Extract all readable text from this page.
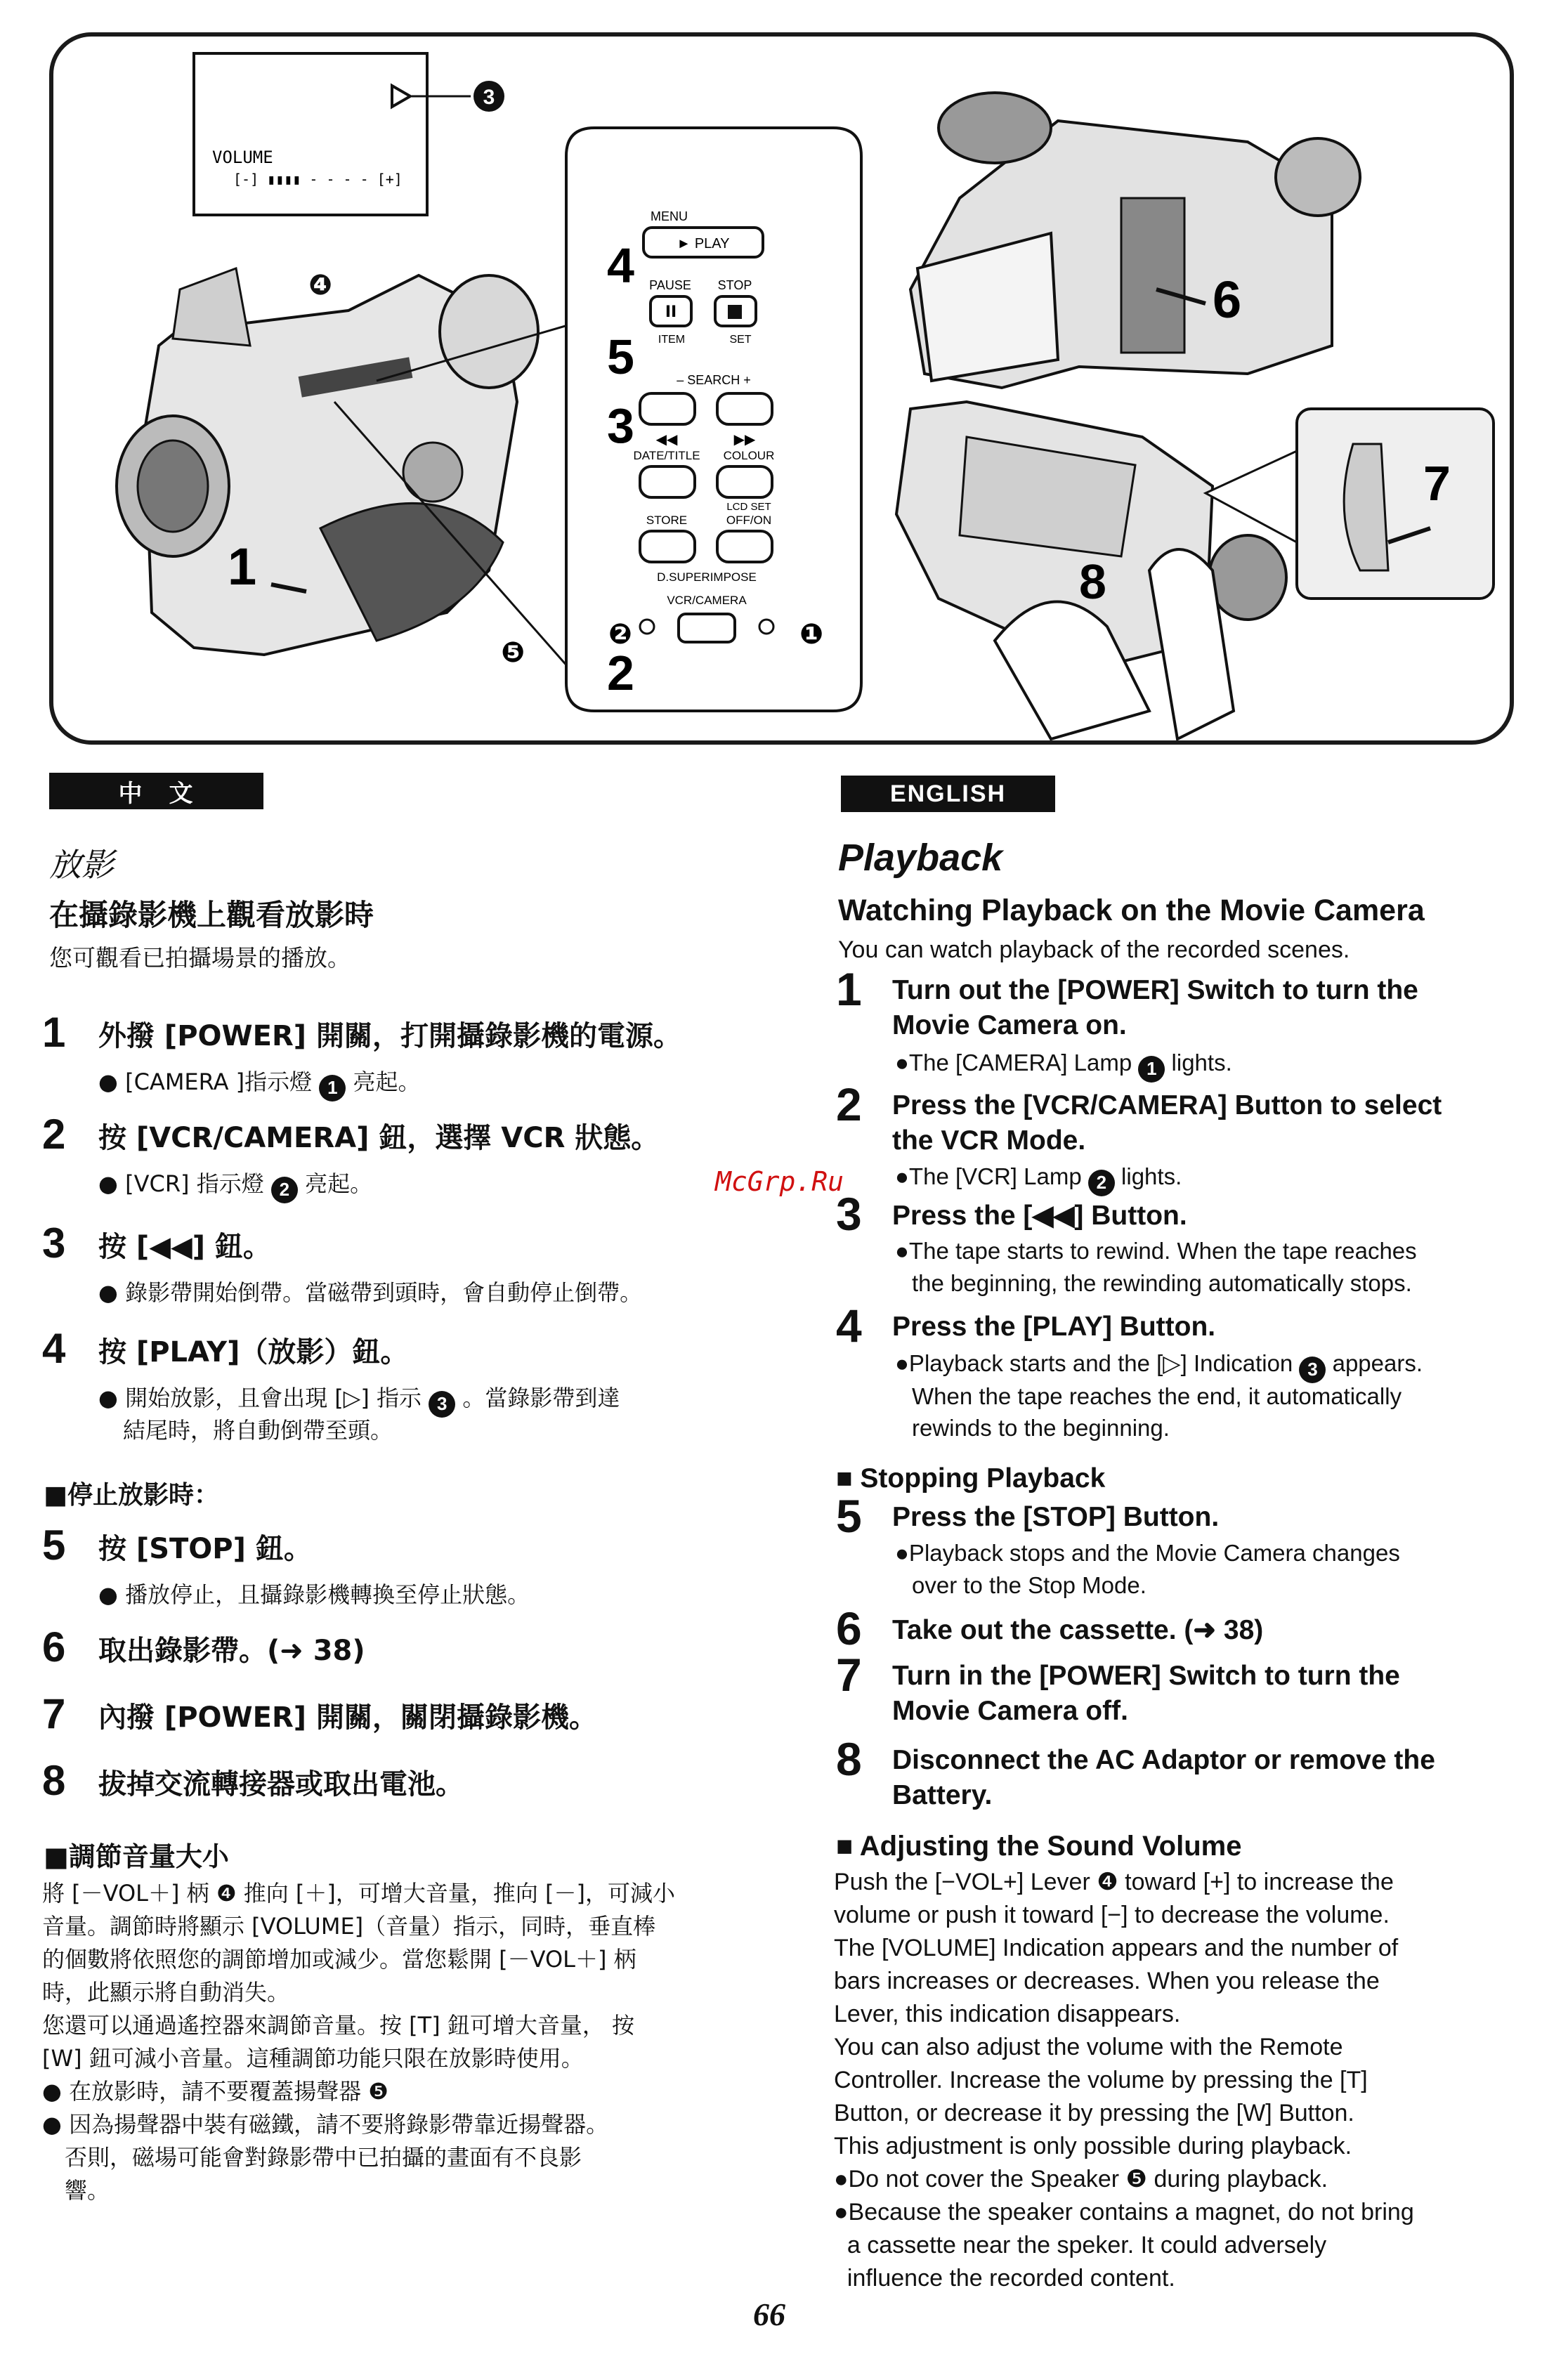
3
VOLUME
[-] ▮▮▮▮ - - - - [+]
❹
1
❺
MENU
► PLAY
PAUSE STOP
II
ITEM	SET
– SEARCH +
◀◀	▶▶
DATE/TITLE COLOUR
LCD SET
STORE	OFF/ON
D.SUPERIMPOSE
VCR/CAMERA
4
5
3
2
❷	❶
6
7
8
中　文
放影
在攝錄影機上觀看放影時
您可觀看已拍攝場景的播放。
1 外撥 [POWER] 開關，打開攝錄影機的電源。
● [CAMERA ]指示燈 1 亮起。
2 按 [VCR/CAMERA] 鈕，選擇 VCR 狀態。
● [VCR] 指示燈 2 亮起。
3 按 [◀◀] 鈕。
● 錄影帶開始倒帶。當磁帶到頭時，會自動停止倒帶。
4 按 [PLAY]（放影）鈕。
● 開始放影，且會出現 [▷] 指示 3 。當錄影帶到達
結尾時，將自動倒帶至頭。
■停止放影時：
5 按 [STOP] 鈕。
● 播放停止，且攝錄影機轉換至停止狀態。
6 取出錄影帶。(➜ 38)
7 內撥 [POWER] 開關，關閉攝錄影機。
8 拔掉交流轉接器或取出電池。
■調節音量大小

將 [－VOL＋] 柄 ❹ 推向 [＋]，可增大音量，推向 [－]，可減小

音量。調節時將顯示 [VOLUME]（音量）指示，同時，垂直棒

的個數將依照您的調節增加或減少。當您鬆開 [－VOL＋] 柄

時，此顯示將自動消失。

您還可以通過遙控器來調節音量。按 [T] 鈕可增大音量， 按

[W] 鈕可減小音量。這種調節功能只限在放影時使用。

● 在放影時，請不要覆蓋揚聲器 ❺

● 因為揚聲器中裝有磁鐵，請不要將錄影帶靠近揚聲器。

　否則，磁場可能會對錄影帶中已拍攝的畫面有不良影

　響。

McGrp.Ru
ENGLISH
Playback
Watching Playback on the Movie Camera
You can watch playback of the recorded scenes.
1 Turn out the [POWER] Switch to turn the
Movie Camera on.
●The [CAMERA] Lamp 1 lights.
2 Press the [VCR/CAMERA] Button to select
the VCR Mode.
●The [VCR] Lamp 2 lights.
3 Press the [◀◀] Button.
●The tape starts to rewind. When the tape reaches
the beginning, the rewinding automatically stops.
4 Press the [PLAY] Button.
●Playback starts and the [▷] Indication 3 appears.
When the tape reaches the end, it automatically
rewinds to the beginning.
■ Stopping Playback
5 Press the [STOP] Button.
●Playback stops and the Movie Camera changes
over to the Stop Mode.
6 Take out the cassette. (➜ 38)
7 Turn in the [POWER] Switch to turn the
Movie Camera off.
8 Disconnect the AC Adaptor or remove the
Battery.
■ Adjusting the Sound Volume

Push the [−VOL+] Lever ❹ toward [+] to increase the

volume or push it toward [−] to decrease the volume.

The [VOLUME] Indication appears and the number of

bars increases or decreases. When you release the

Lever, this indication disappears.

You can also adjust the volume with the Remote

Controller. Increase the volume by pressing the [T]

Button, or decrease it by pressing the [W] Button.

This adjustment is only possible during playback.

●Do not cover the Speaker ❺ during playback.

●Because the speaker contains a magnet, do not bring

a cassette near the speker. It could adversely

influence the recorded content.

66
